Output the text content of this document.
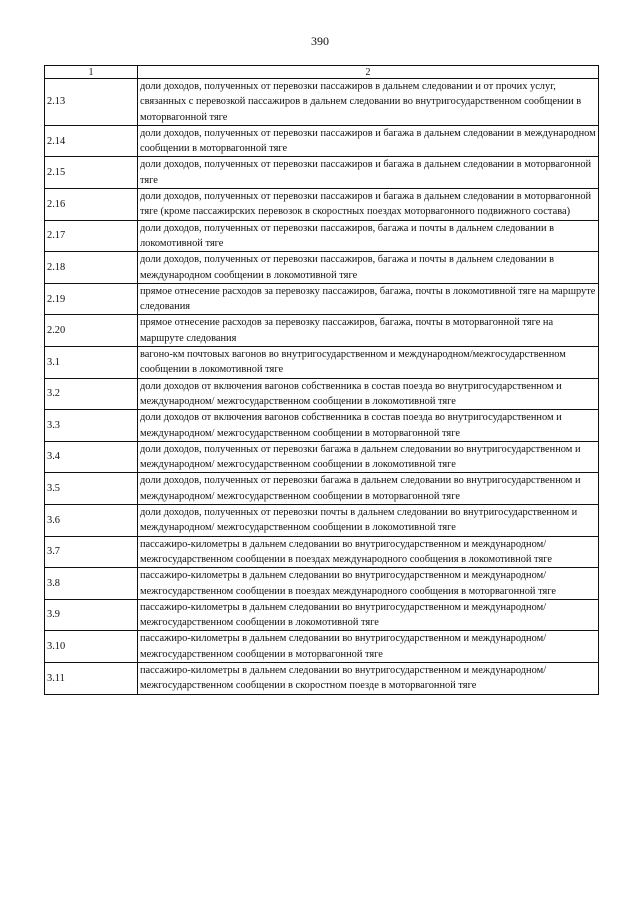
390
1	2
2.13	доли доходов, полученных от перевозки пассажиров в дальнем следовании и от прочих услуг, связанных с перевозкой пассажиров в дальнем следовании во внутригосударственном сообщении в моторвагонной тяге
2.14	доли доходов, полученных от перевозки пассажиров и багажа в дальнем следовании в международном сообщении в моторвагонной тяге
2.15	доли доходов, полученных от перевозки пассажиров и багажа в дальнем следовании в моторвагонной тяге
2.16	доли доходов, полученных от перевозки пассажиров и багажа в дальнем следовании в моторвагонной тяге (кроме пассажирских перевозок в скоростных поездах моторвагонного подвижного состава)
2.17	доли доходов, полученных от перевозки пассажиров, багажа и почты в дальнем следовании в локомотивной тяге
2.18	доли доходов, полученных от перевозки пассажиров, багажа и почты в дальнем следовании в международном сообщении в локомотивной тяге
2.19	прямое отнесение расходов за перевозку пассажиров, багажа, почты в локомотивной тяге на маршруте следования
2.20	прямое отнесение расходов за перевозку пассажиров, багажа, почты в моторвагонной тяге на маршруте следования
3.1	вагоно-км почтовых вагонов во внутригосударственном и международном/межгосударственном сообщении в локомотивной тяге
3.2	доли доходов от включения вагонов собственника в состав поезда во внутригосударственном и международном/ межгосударственном сообщении в локомотивной тяге
3.3	доли доходов от включения вагонов собственника в состав поезда во внутригосударственном и международном/ межгосударственном сообщении в моторвагонной тяге
3.4	доли доходов, полученных от перевозки багажа в дальнем следовании во внутригосударственном и международном/ межгосударственном сообщении в локомотивной тяге
3.5	доли доходов, полученных от перевозки багажа в дальнем следовании во внутригосударственном и международном/ межгосударственном сообщении в моторвагонной тяге
3.6	доли доходов, полученных от перевозки почты в дальнем следовании во внутригосударственном и международном/ межгосударственном сообщении в локомотивной тяге
3.7	пассажиро-километры в дальнем следовании во внутригосударственном и международном/ межгосударственном сообщении в поездах международного сообщения в локомотивной тяге
3.8	пассажиро-километры в дальнем следовании во внутригосударственном и международном/ межгосударственном сообщении в поездах международного сообщения в моторвагонной тяге
3.9	пассажиро-километры в дальнем следовании во внутригосударственном и международном/межгосударственном сообщении в локомотивной тяге
3.10	пассажиро-километры в дальнем следовании во внутригосударственном и международном/межгосударственном сообщении в моторвагонной тяге
3.11	пассажиро-километры в дальнем следовании во внутригосударственном и международном/межгосударственном сообщении в скоростном поезде в моторвагонной тяге
